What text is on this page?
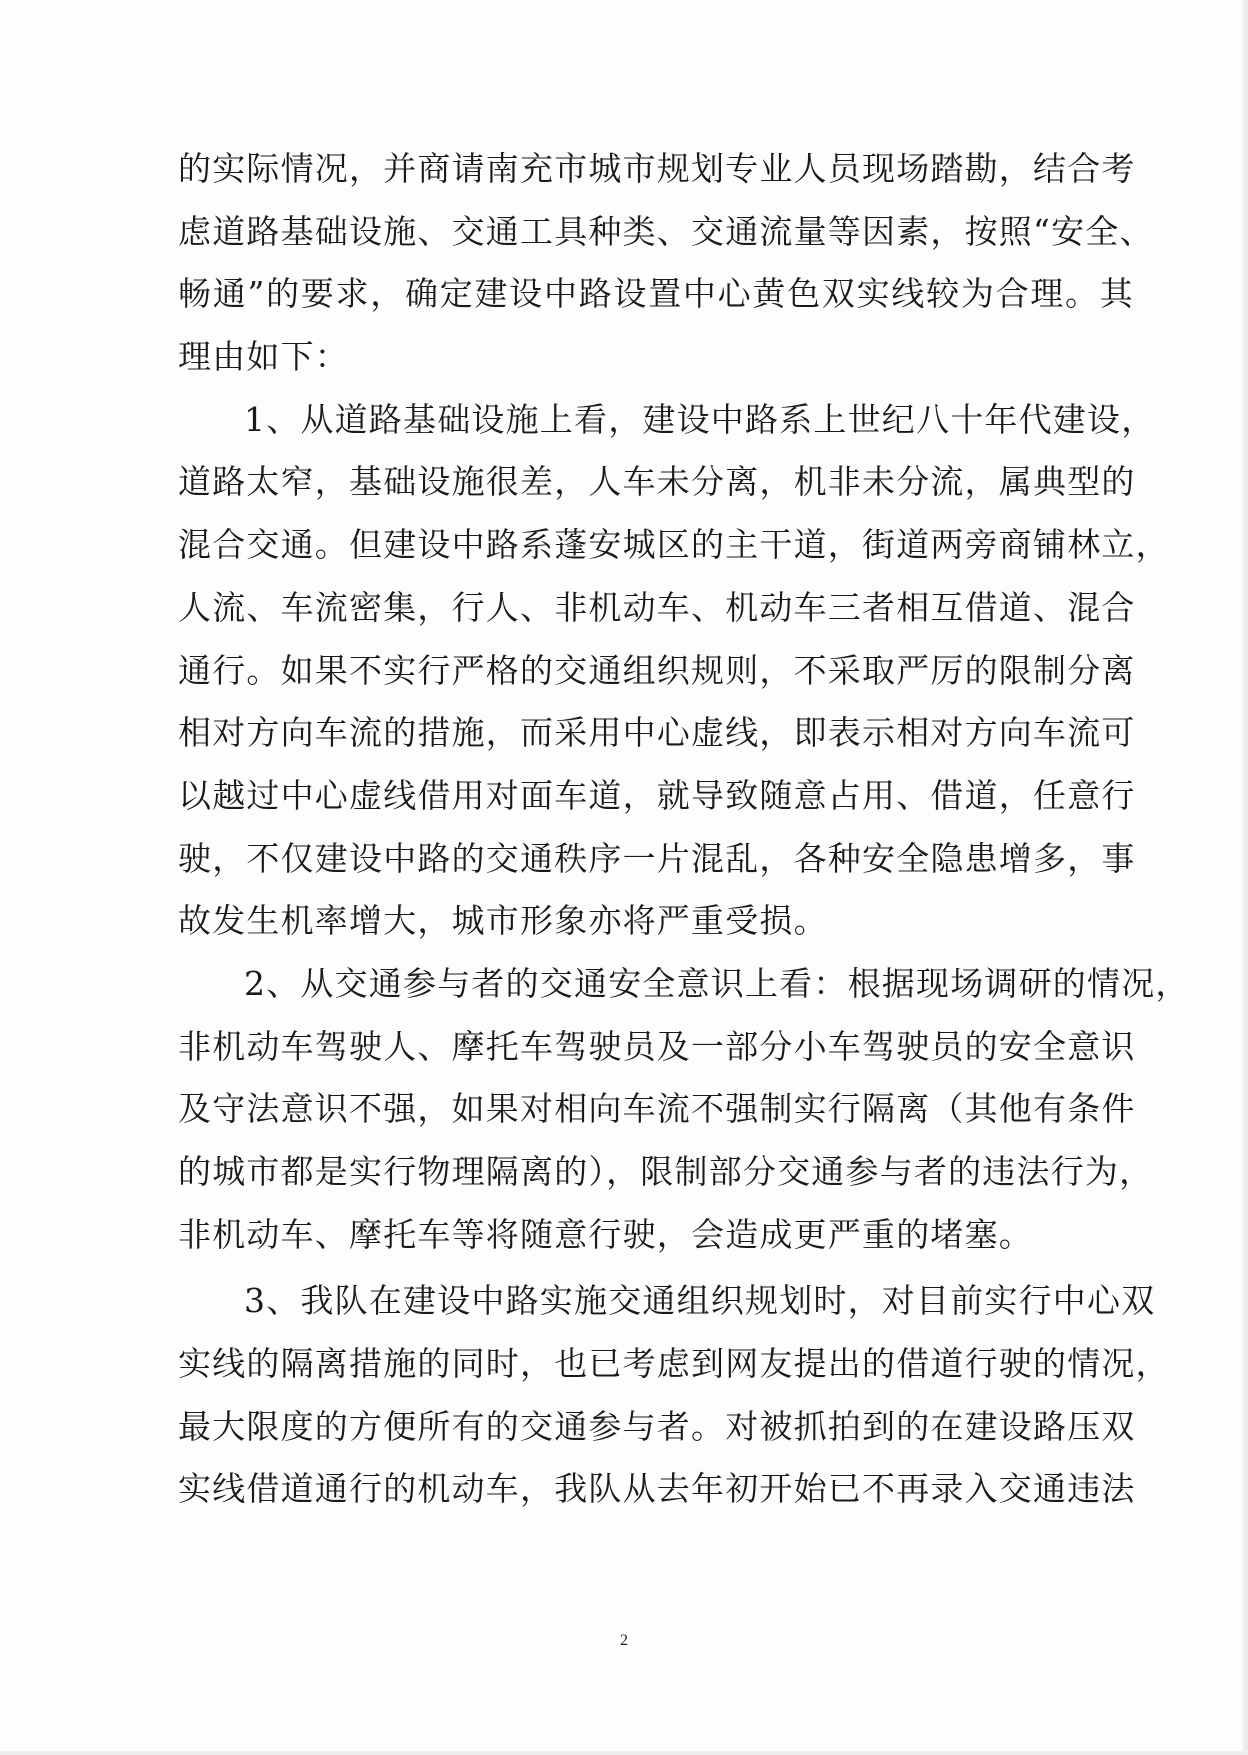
的实际情况，并商请南充市城市规划专业人员现场踏勘，结合考
虑道路基础设施、交通工具种类、交通流量等因素，按照“安全、
畅通”的要求，确定建设中路设置中心黄色双实线较为合理。其
理由如下：
1、从道路基础设施上看，建设中路系上世纪八十年代建设，
道路太窄，基础设施很差，人车未分离，机非未分流，属典型的
混合交通。但建设中路系蓬安城区的主干道，街道两旁商铺林立，
人流、车流密集，行人、非机动车、机动车三者相互借道、混合
通行。如果不实行严格的交通组织规则，不采取严厉的限制分离
相对方向车流的措施，而采用中心虚线，即表示相对方向车流可
以越过中心虚线借用对面车道，就导致随意占用、借道，任意行
驶，不仅建设中路的交通秩序一片混乱，各种安全隐患增多，事
故发生机率增大，城市形象亦将严重受损。
2、从交通参与者的交通安全意识上看：根据现场调研的情况，
非机动车驾驶人、摩托车驾驶员及一部分小车驾驶员的安全意识
及守法意识不强，如果对相向车流不强制实行隔离（其他有条件
的城市都是实行物理隔离的），限制部分交通参与者的违法行为，
非机动车、摩托车等将随意行驶，会造成更严重的堵塞。
3、我队在建设中路实施交通组织规划时，对目前实行中心双
实线的隔离措施的同时，也已考虑到网友提出的借道行驶的情况，
最大限度的方便所有的交通参与者。对被抓拍到的在建设路压双
实线借道通行的机动车，我队从去年初开始已不再录入交通违法
2
